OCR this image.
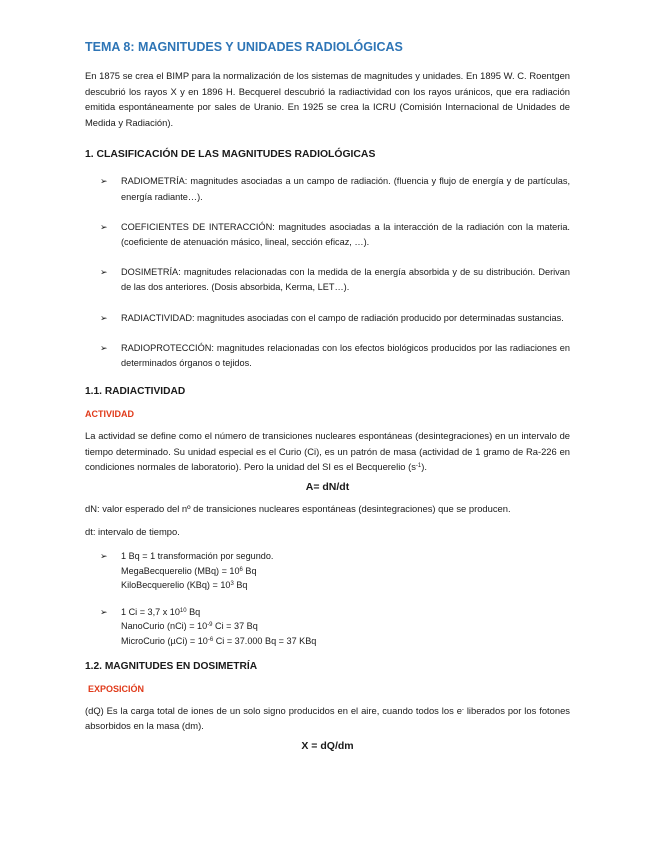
TEMA 8: MAGNITUDES Y UNIDADES RADIOLÓGICAS

En 1875 se crea el BIMP para la normalización de los sistemas de magnitudes y unidades. En 1895 W. C. Roentgen descubrió los rayos X y en 1896 H. Becquerel descubrió la radiactividad con los rayos uránicos, que era radiación emitida espontáneamente por sales de Uranio. En 1925 se crea la ICRU (Comisión Internacional de Unidades de Medida y Radiación).

1. CLASIFICACIÓN DE LAS MAGNITUDES RADIOLÓGICAS
➢ RADIOMETRÍA: magnitudes asociadas a un campo de radiación. (fluencia y flujo de energía y de partículas, energía radiante…).
➢ COEFICIENTES DE INTERACCIÓN: magnitudes asociadas a la interacción de la radiación con la materia. (coeficiente de atenuación másico, lineal, sección eficaz, …).
➢ DOSIMETRÍA: magnitudes relacionadas con la medida de la energía absorbida y de su distribución. Derivan de las dos anteriores. (Dosis absorbida, Kerma, LET…).
➢ RADIACTIVIDAD: magnitudes asociadas con el campo de radiación producido por determinadas sustancias.
➢ RADIOPROTECCIÓN: magnitudes relacionadas con los efectos biológicos producidos por las radiaciones en determinados órganos o tejidos.
1.1. RADIACTIVIDAD
ACTIVIDAD

La actividad se define como el número de transiciones nucleares espontáneas (desintegraciones) en un intervalo de tiempo determinado. Su unidad especial es el Curio (Ci), es un patrón de masa (actividad de 1 gramo de Ra-226 en condiciones normales de laboratorio). Pero la unidad del SI es el Becquerelio $(s^{-1})$.

A= dN/dt
dN: valor esperado del nº de transiciones nucleares espontáneas (desintegraciones) que se producen.
dt: intervalo de tiempo.
➢ 1 Bq = 1 transformación por segundo.
MegaBecquerelio $(MBq) = 10^6$ Bq
KiloBecquerelio $(KBq) = 10^3$ Bq
➢ 1 Ci = 3,7 x $10^{10}$ Bq
NanoCurio $(nCi) = 10^{-9}$ Ci = 37 Bq
MicroCurio $(\mu Ci) = 10^{-6}$ Ci = 37.000 Bq = 37 KBq
1.2. MAGNITUDES EN DOSIMETRÍA
EXPOSICIÓN

(dQ) Es la carga total de iones de un solo signo producidos en el aire, cuando todos los e- liberados por los fotones absorbidos en la masa (dm).

X = dQ/dm
